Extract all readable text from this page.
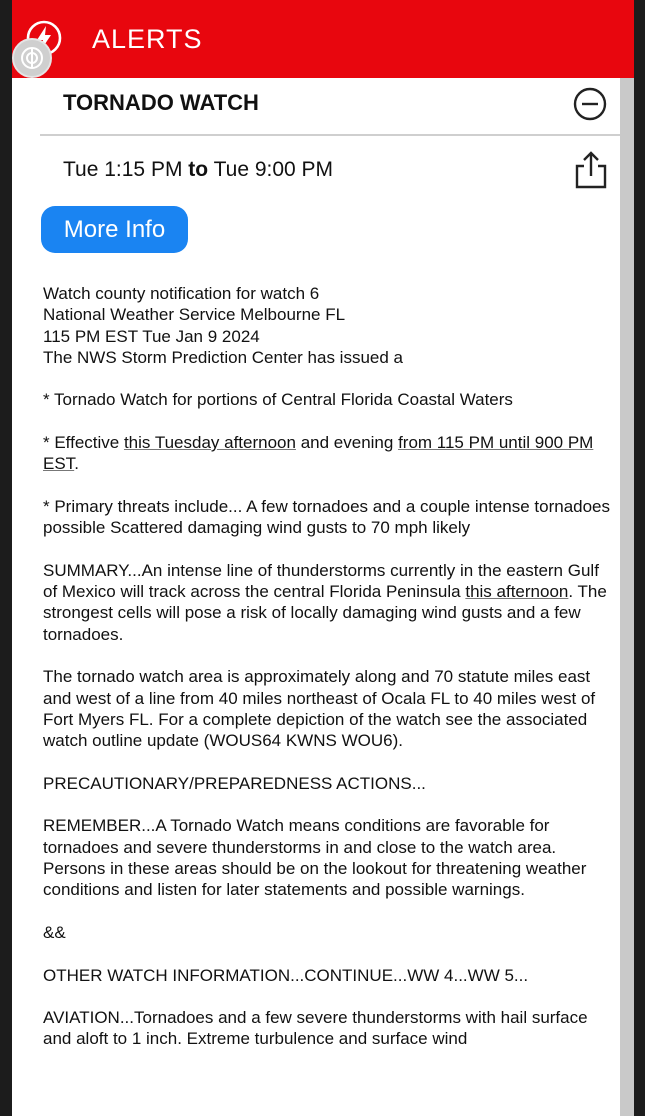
ALERTS
TORNADO WATCH
Tue 1:15 PM to Tue 9:00 PM
More Info

Watch county notification for watch 6
National Weather Service Melbourne FL
115 PM EST Tue Jan 9 2024
The NWS Storm Prediction Center has issued a

* Tornado Watch for portions of Central Florida Coastal Waters

* Effective this Tuesday afternoon and evening from 115 PM until 900 PM EST.

* Primary threats include... A few tornadoes and a couple intense tornadoes possible Scattered damaging wind gusts to 70 mph likely

SUMMARY...An intense line of thunderstorms currently in the eastern Gulf of Mexico will track across the central Florida Peninsula this afternoon. The strongest cells will pose a risk of locally damaging wind gusts and a few tornadoes.

The tornado watch area is approximately along and 70 statute miles east and west of a line from 40 miles northeast of Ocala FL to 40 miles west of Fort Myers FL. For a complete depiction of the watch see the associated watch outline update (WOUS64 KWNS WOU6).

PRECAUTIONARY/PREPAREDNESS ACTIONS...

REMEMBER...A Tornado Watch means conditions are favorable for tornadoes and severe thunderstorms in and close to the watch area. Persons in these areas should be on the lookout for threatening weather conditions and listen for later statements and possible warnings.

&&

OTHER WATCH INFORMATION...CONTINUE...WW 4...WW 5...

AVIATION...Tornadoes and a few severe thunderstorms with hail surface and aloft to 1 inch. Extreme turbulence and surface wind
